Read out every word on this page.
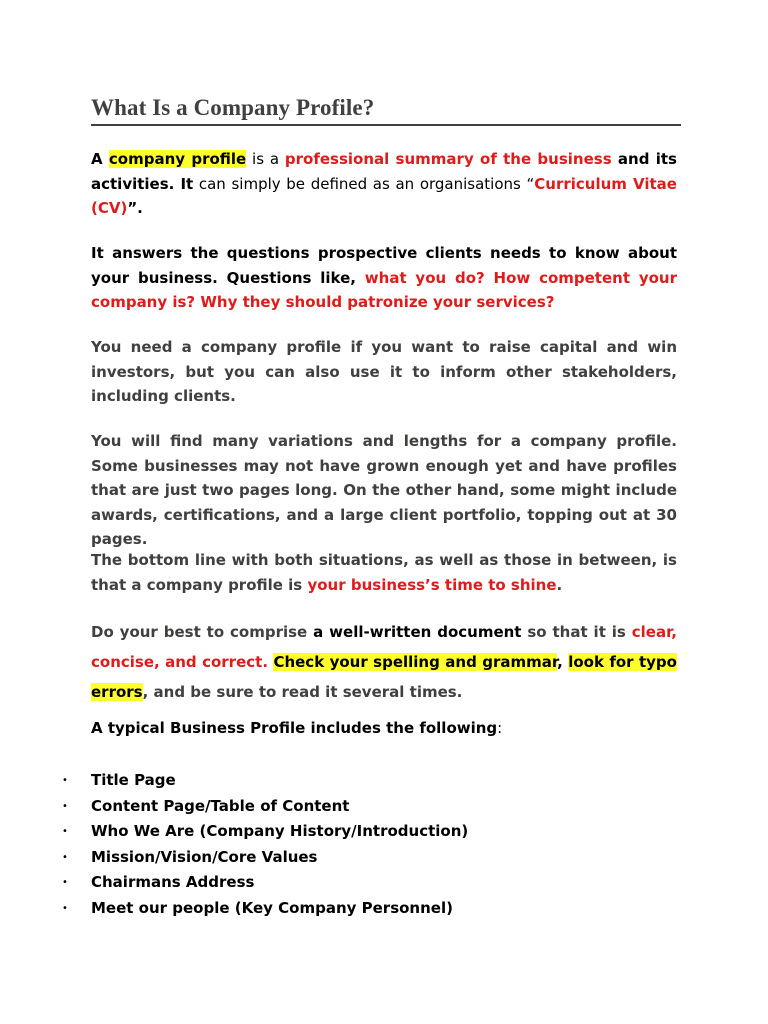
What Is a Company Profile?

A company profile is a professional summary of the business and its activities. It can simply be defined as an organisations “Curriculum Vitae (CV)”.

It answers the questions prospective clients needs to know about your business. Questions like, what you do? How competent your company is? Why they should patronize your services?

You need a company profile if you want to raise capital and win investors, but you can also use it to inform other stakeholders, including clients.

You will find many variations and lengths for a company profile. Some businesses may not have grown enough yet and have profiles that are just two pages long. On the other hand, some might include awards, certifications, and a large client portfolio, topping out at 30 pages.

The bottom line with both situations, as well as those in between, is that a company profile is your business’s time to shine.

Do your best to comprise a well-written document so that it is clear, concise, and correct. Check your spelling and grammar, look for typo errors, and be sure to read it several times.

A typical Business Profile includes the following:

• Title Page
• Content Page/Table of Content
• Who We Are (Company History/Introduction)
• Mission/Vision/Core Values
• Chairmans Address
• Meet our people (Key Company Personnel)
